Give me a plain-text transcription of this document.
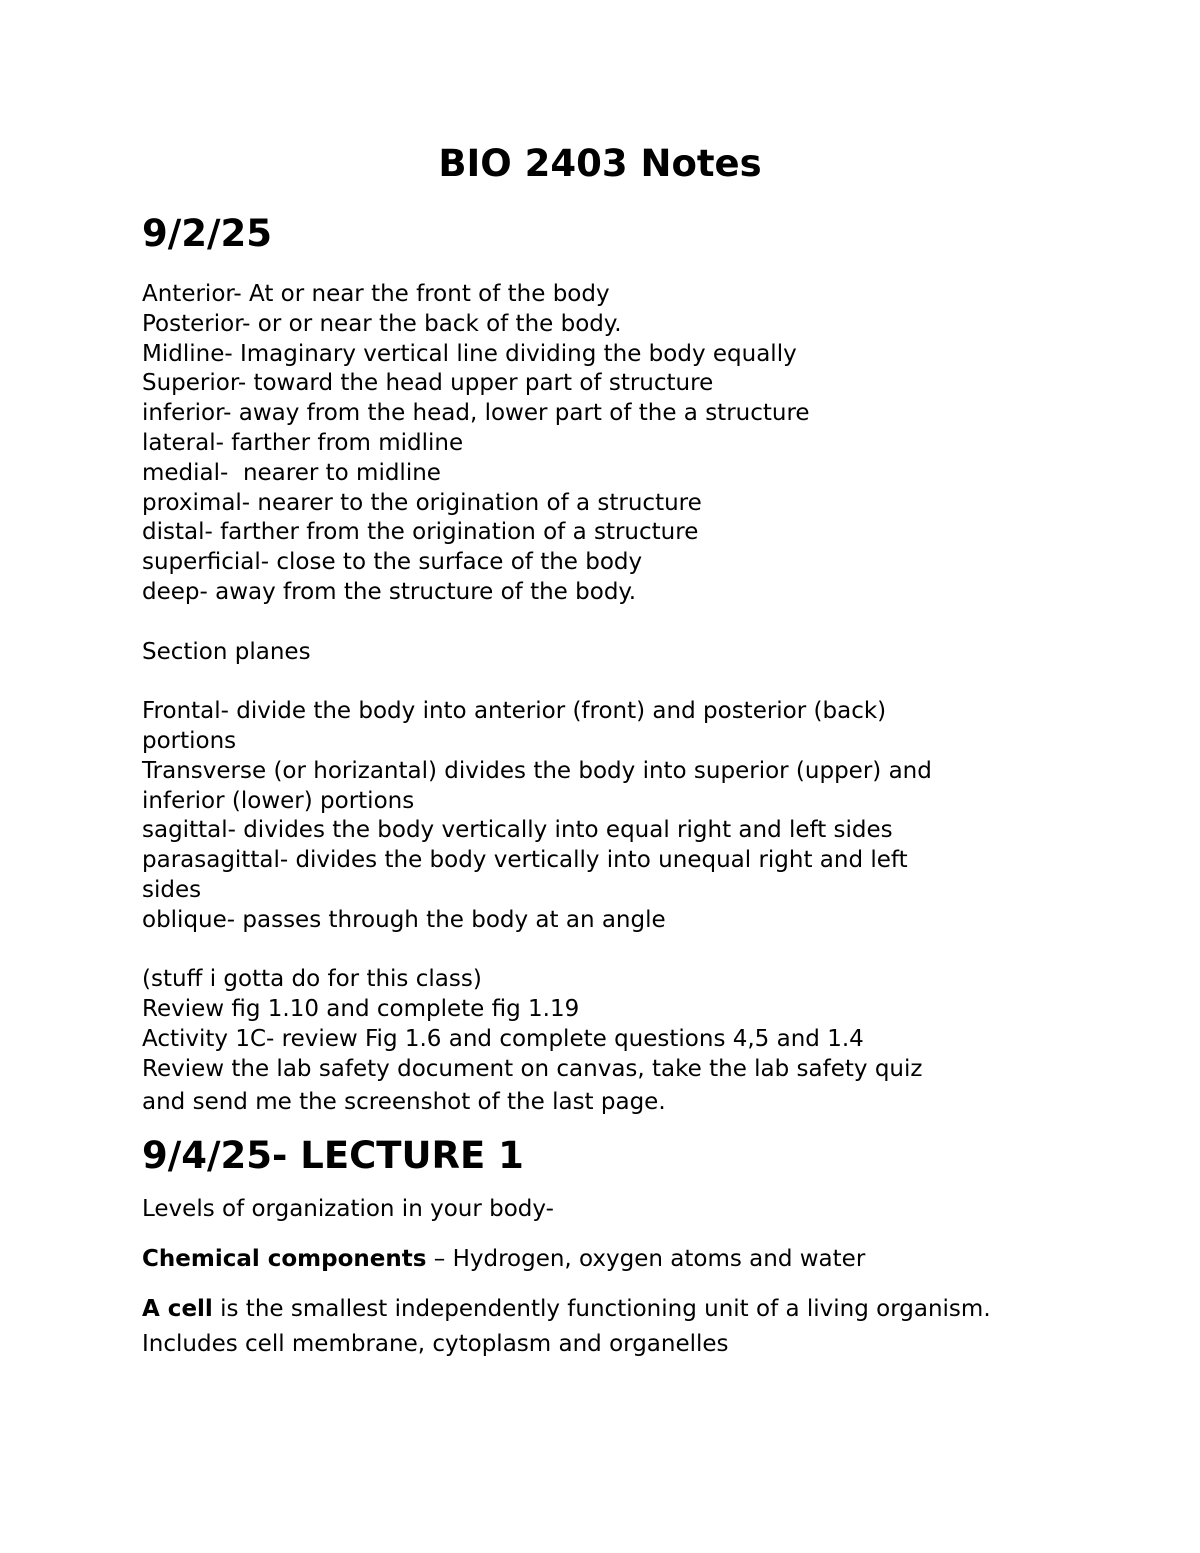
BIO 2403 Notes
9/2/25

Anterior- At or near the front of the body

Posterior- or or near the back of the body.

Midline- Imaginary vertical line dividing the body equally

Superior- toward the head upper part of structure

inferior- away from the head, lower part of the a structure

lateral- farther from midline

medial-  nearer to midline

proximal- nearer to the origination of a structure

distal- farther from the origination of a structure

superficial- close to the surface of the body

deep- away from the structure of the body.

Section planes

Frontal- divide the body into anterior (front) and posterior (back)

portions

Transverse (or horizantal) divides the body into superior (upper) and

inferior (lower) portions

sagittal- divides the body vertically into equal right and left sides

parasagittal- divides the body vertically into unequal right and left

sides

oblique- passes through the body at an angle

(stuff i gotta do for this class)

Review fig 1.10 and complete fig 1.19

Activity 1C- review Fig 1.6 and complete questions 4,5 and 1.4

Review the lab safety document on canvas, take the lab safety quiz

and send me the screenshot of the last page.

9/4/25- LECTURE 1

Levels of organization in your body-

Chemical components – Hydrogen, oxygen atoms and water

A cell is the smallest independently functioning unit of a living organism. Includes cell membrane, cytoplasm and organelles
